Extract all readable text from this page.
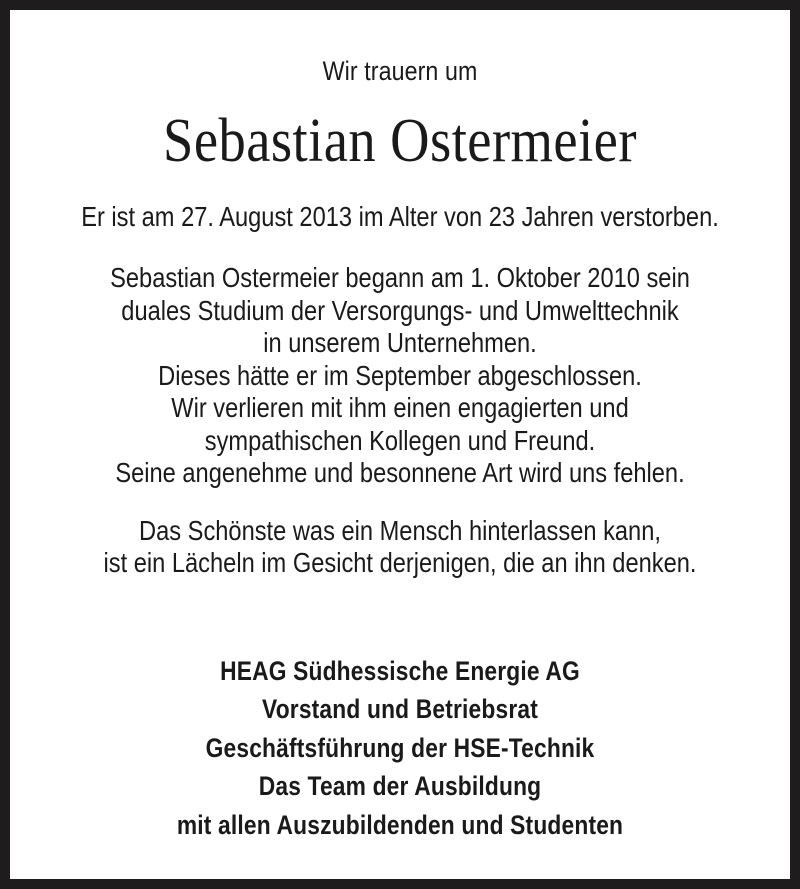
Wir trauern um
Sebastian Ostermeier
Er ist am 27. August 2013 im Alter von 23 Jahren verstorben.
Sebastian Ostermeier begann am 1. Oktober 2010 sein
duales Studium der Versorgungs- und Umwelttechnik
in unserem Unternehmen.
Dieses hätte er im September abgeschlossen.
Wir verlieren mit ihm einen engagierten und
sympathischen Kollegen und Freund.
Seine angenehme und besonnene Art wird uns fehlen.
Das Schönste was ein Mensch hinterlassen kann,
ist ein Lächeln im Gesicht derjenigen, die an ihn denken.
HEAG Südhessische Energie AG
Vorstand und Betriebsrat
Geschäftsführung der HSE-Technik
Das Team der Ausbildung
mit allen Auszubildenden und Studenten
